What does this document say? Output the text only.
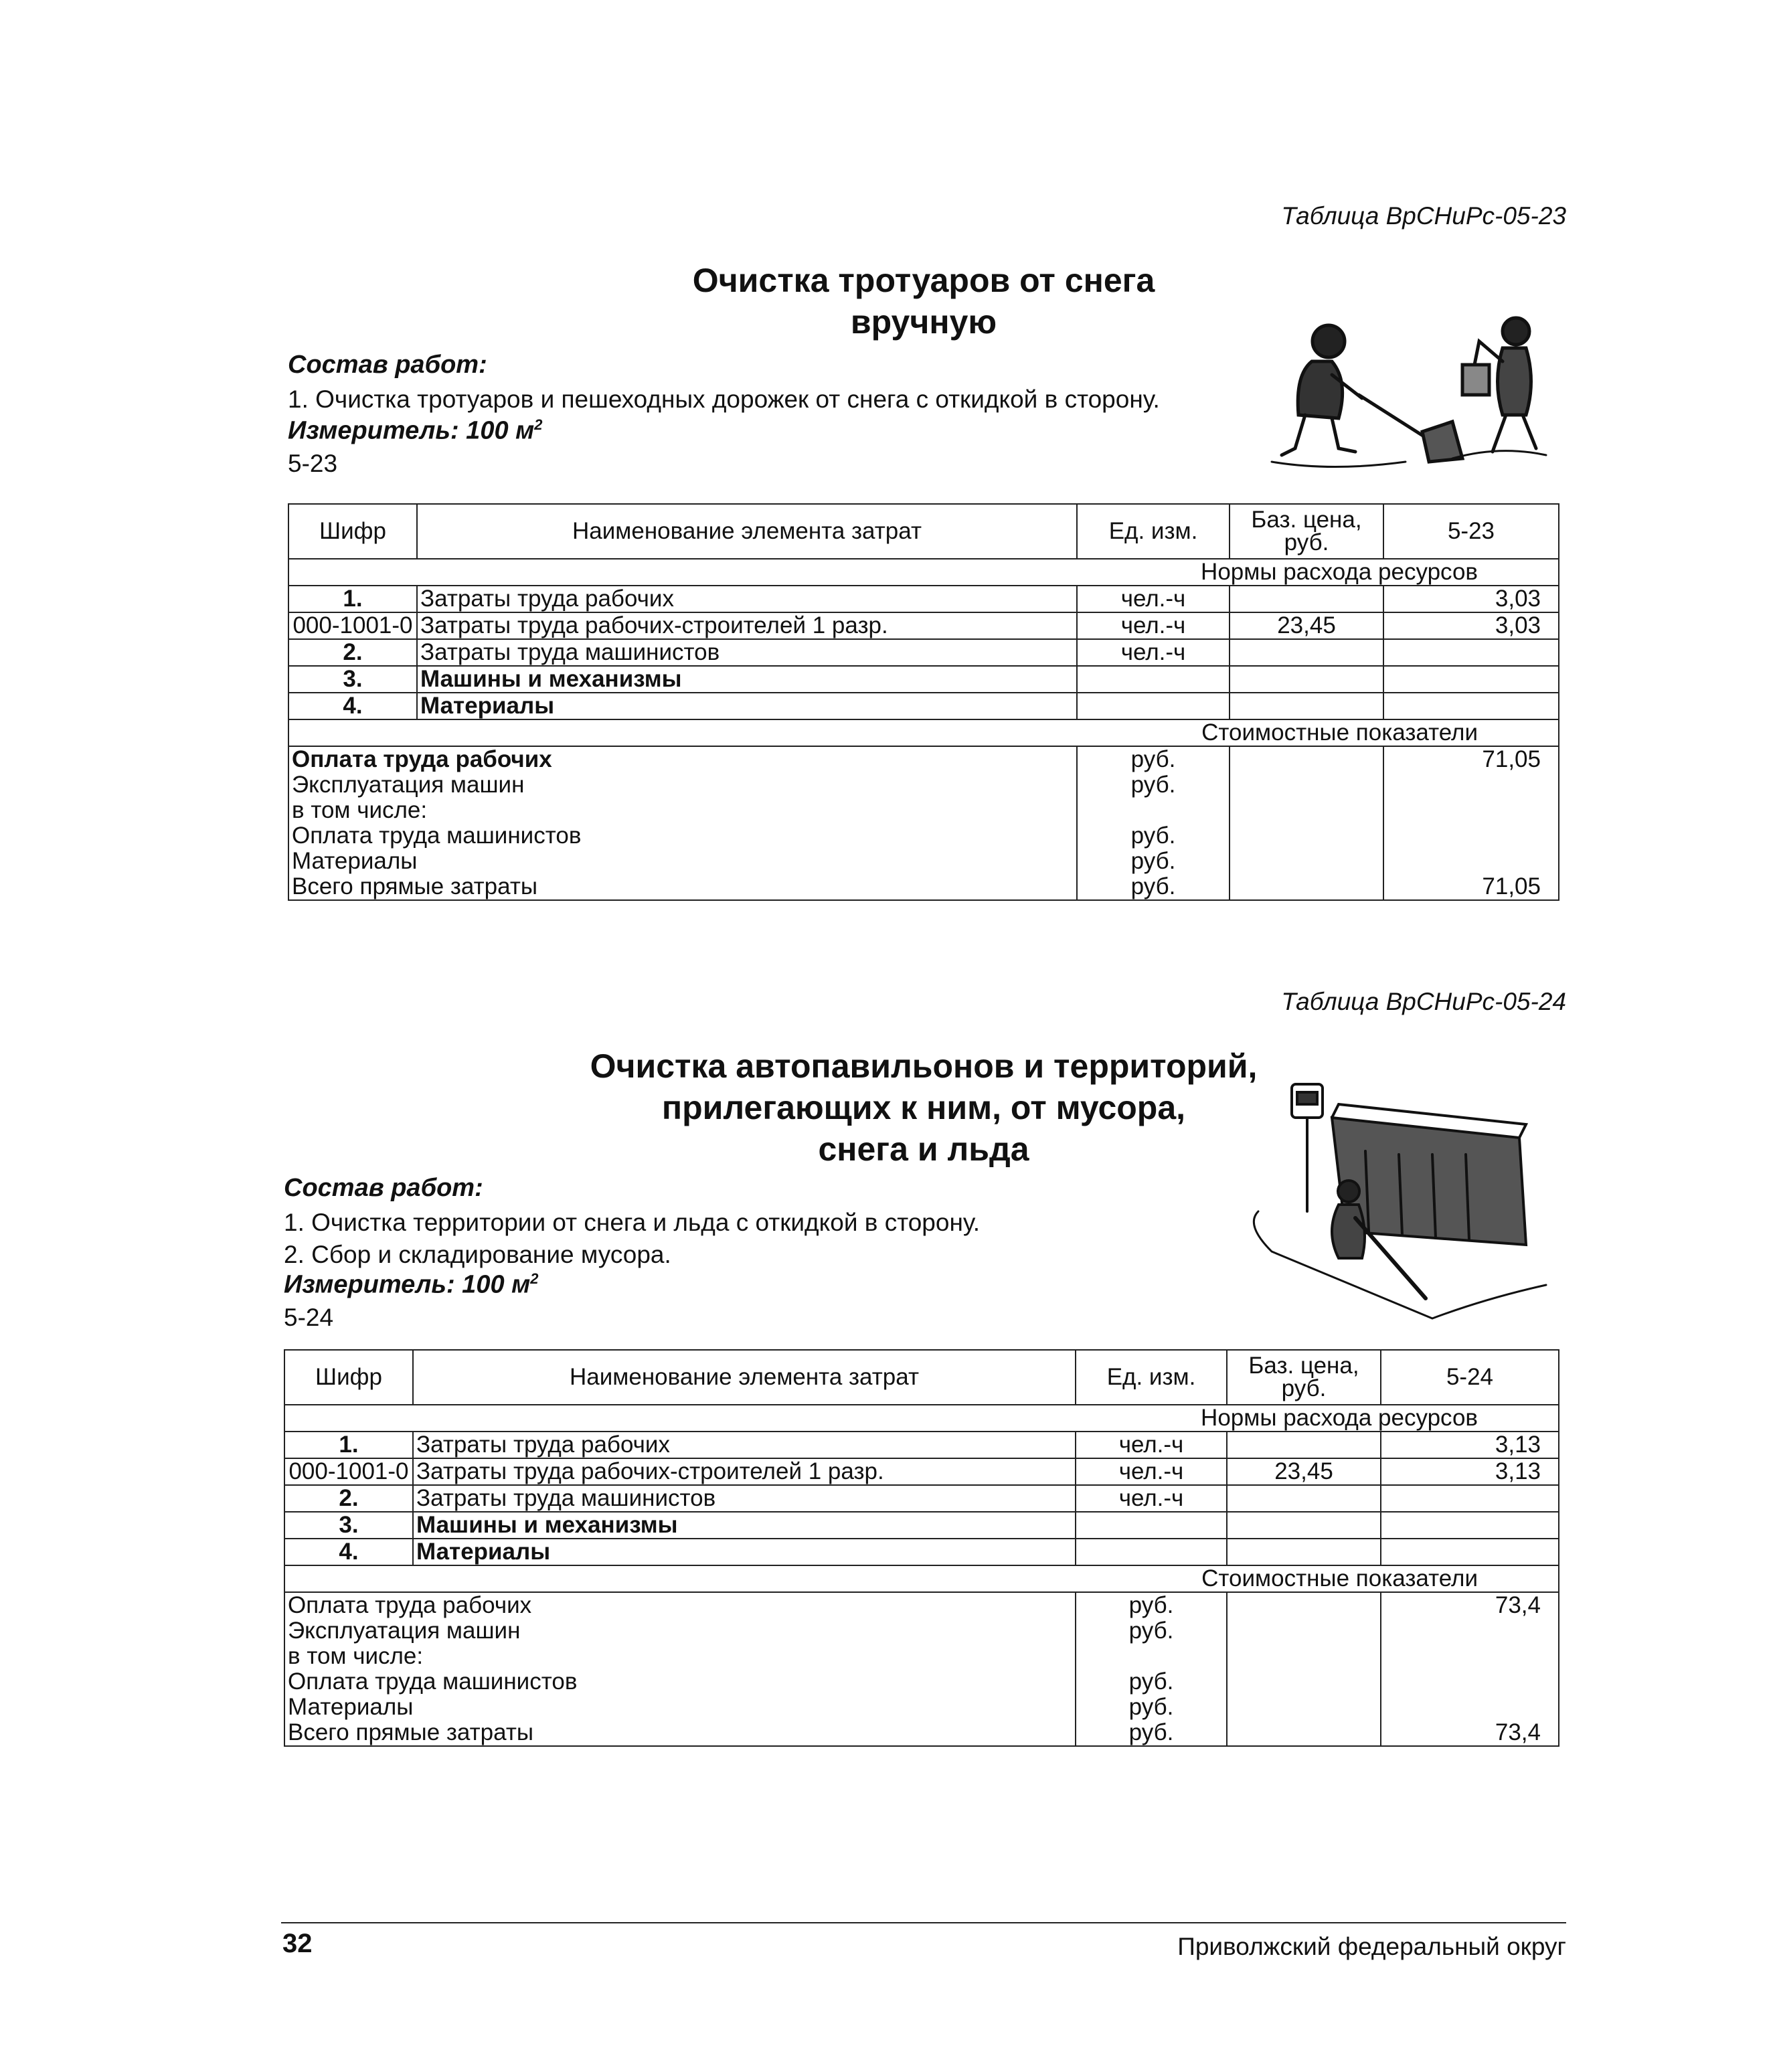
Таблица ВрСНиРс-05-23
Очистка тротуаров от снега
вручную
Состав работ:
1. Очистка тротуаров и пешеходных дорожек от снега с откидкой в сторону.
Измеритель: 100 $м^2$
5-23
Шифр	Наименование элемента затрат	Ед. изм.	Баз. цена,
руб.	5-23
Нормы расхода ресурсов				
1.	Затраты труда рабочих	чел.-ч		3,03
000-1001-0	Затраты труда рабочих-строителей 1 разр.	чел.-ч	23,45	3,03
2.	Затраты труда машинистов	чел.-ч		
3.	Машины и механизмы			
4.	Материалы			
Стоимостные показатели				
Оплата труда рабочих		руб.		71,05
Эксплуатация машин		руб.		
в том числе:				
Оплата труда машинистов		руб.		
Материалы		руб.		
Всего прямые затраты		руб.		71,05
Таблица ВрСНиРс-05-24
Очистка автопавильонов и территорий,
прилегающих к ним, от мусора,
снега и льда
Состав работ:
1. Очистка территории от снега и льда с откидкой в сторону.
2. Сбор и складирование мусора.
Измеритель: 100 $м^2$
5-24
Шифр	Наименование элемента затрат	Ед. изм.	Баз. цена,
руб.	5-24
Нормы расхода ресурсов				
1.	Затраты труда рабочих	чел.-ч		3,13
000-1001-0	Затраты труда рабочих-строителей 1 разр.	чел.-ч	23,45	3,13
2.	Затраты труда машинистов	чел.-ч		
3.	Машины и механизмы			
4.	Материалы			
Стоимостные показатели				
Оплата труда рабочих		руб.		73,4
Эксплуатация машин		руб.		
в том числе:				
Оплата труда машинистов		руб.		
Материалы		руб.		
Всего прямые затраты		руб.		73,4
32	Приволжский федеральный округ
